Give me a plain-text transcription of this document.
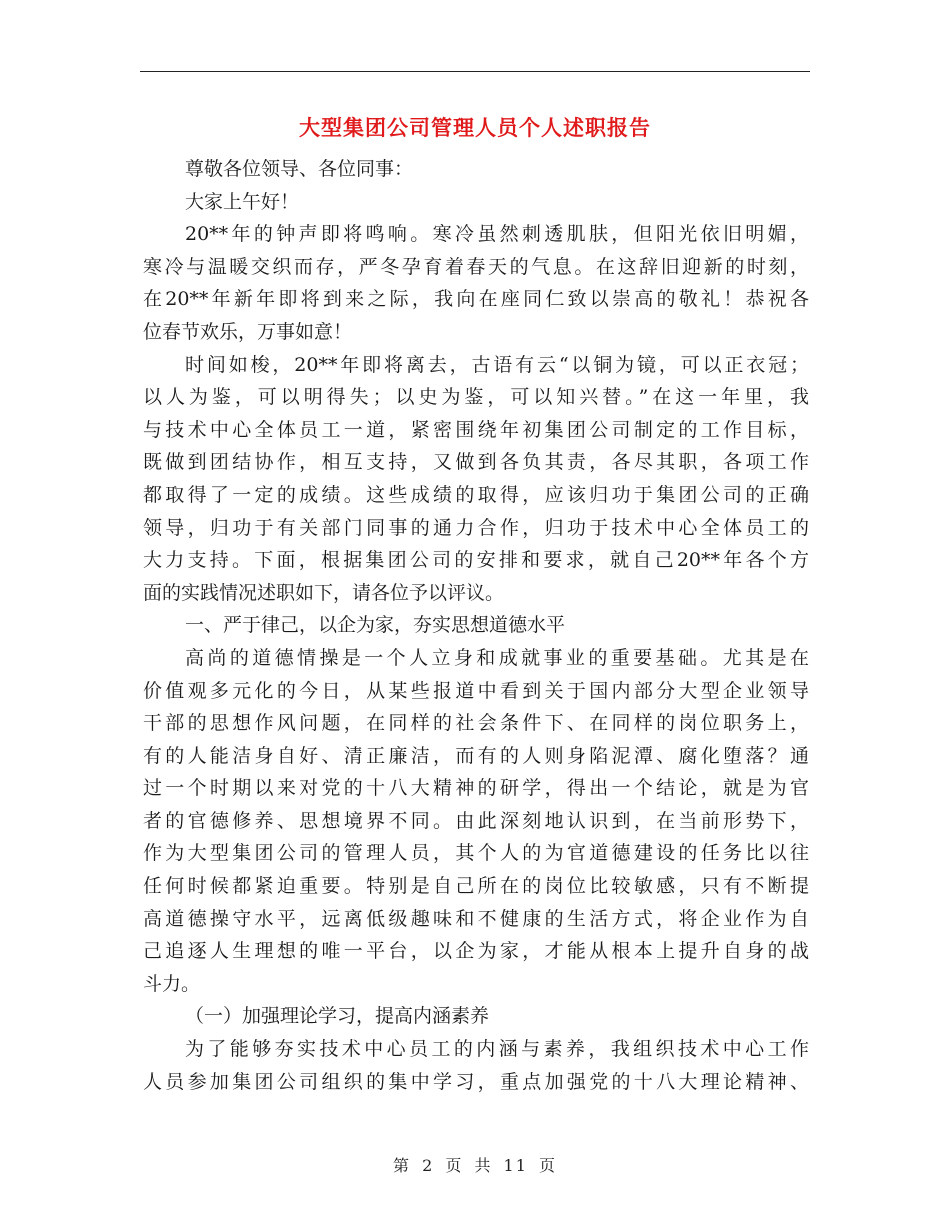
大型集团公司管理人员个人述职报告
尊敬各位领导、各位同事：
大家上午好！
20**年的钟声即将鸣响。寒冷虽然刺透肌肤，但阳光依旧明媚，
寒冷与温暖交织而存，严冬孕育着春天的气息。在这辞旧迎新的时刻，
在20**年新年即将到来之际，我向在座同仁致以崇高的敬礼！恭祝各
位春节欢乐，万事如意！
时间如梭，20**年即将离去，古语有云“以铜为镜，可以正衣冠；
以人为鉴，可以明得失；以史为鉴，可以知兴替。”在这一年里，我
与技术中心全体员工一道，紧密围绕年初集团公司制定的工作目标，
既做到团结协作，相互支持，又做到各负其责，各尽其职，各项工作
都取得了一定的成绩。这些成绩的取得，应该归功于集团公司的正确
领导，归功于有关部门同事的通力合作，归功于技术中心全体员工的
大力支持。下面，根据集团公司的安排和要求，就自己20**年各个方
面的实践情况述职如下，请各位予以评议。
一、严于律己，以企为家，夯实思想道德水平
高尚的道德情操是一个人立身和成就事业的重要基础。尤其是在
价值观多元化的今日，从某些报道中看到关于国内部分大型企业领导
干部的思想作风问题，在同样的社会条件下、在同样的岗位职务上，
有的人能洁身自好、清正廉洁，而有的人则身陷泥潭、腐化堕落？通
过一个时期以来对党的十八大精神的研学，得出一个结论，就是为官
者的官德修养、思想境界不同。由此深刻地认识到，在当前形势下，
作为大型集团公司的管理人员，其个人的为官道德建设的任务比以往
任何时候都紧迫重要。特别是自己所在的岗位比较敏感，只有不断提
高道德操守水平，远离低级趣味和不健康的生活方式，将企业作为自
己追逐人生理想的唯一平台，以企为家，才能从根本上提升自身的战
斗力。
（一）加强理论学习，提高内涵素养
为了能够夯实技术中心员工的内涵与素养，我组织技术中心工作
人员参加集团公司组织的集中学习，重点加强党的十八大理论精神、
第 2 页 共 11 页
